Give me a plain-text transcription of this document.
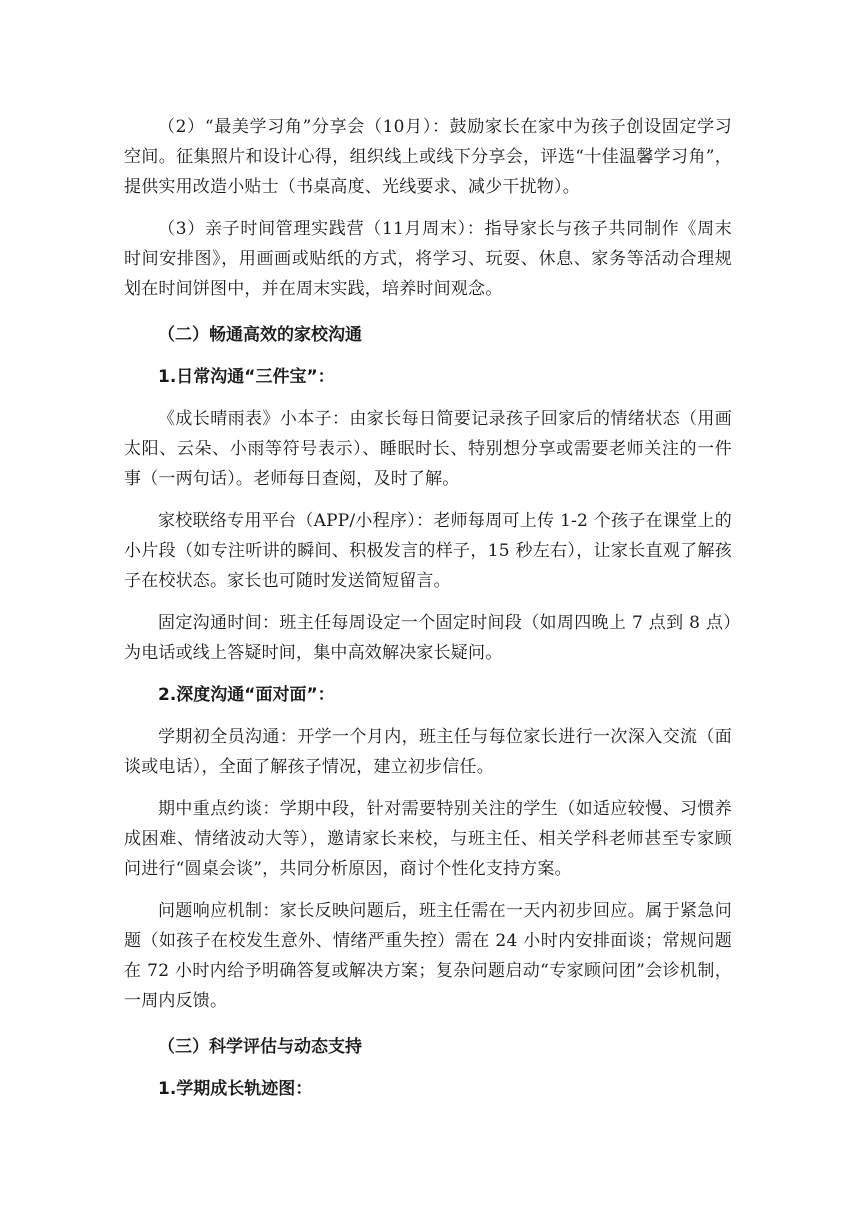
（2）“最美学习角”分享会（10月）：鼓励家长在家中为孩子创设固定学习空间。征集照片和设计心得，组织线上或线下分享会，评选“十佳温馨学习角”，提供实用改造小贴士（书桌高度、光线要求、减少干扰物）。

（3）亲子时间管理实践营（11月周末）：指导家长与孩子共同制作《周末时间安排图》，用画画或贴纸的方式，将学习、玩耍、休息、家务等活动合理规划在时间饼图中，并在周末实践，培养时间观念。

（二）畅通高效的家校沟通
1.日常沟通“三件宝”：

《成长晴雨表》小本子：由家长每日简要记录孩子回家后的情绪状态（用画太阳、云朵、小雨等符号表示）、睡眠时长、特别想分享或需要老师关注的一件事（一两句话）。老师每日查阅，及时了解。

家校联络专用平台（APP/小程序）：老师每周可上传 1-2 个孩子在课堂上的小片段（如专注听讲的瞬间、积极发言的样子，15 秒左右），让家长直观了解孩子在校状态。家长也可随时发送简短留言。

固定沟通时间：班主任每周设定一个固定时间段（如周四晚上 7 点到 8 点）为电话或线上答疑时间，集中高效解决家长疑问。

2.深度沟通“面对面”：

学期初全员沟通：开学一个月内，班主任与每位家长进行一次深入交流（面谈或电话），全面了解孩子情况，建立初步信任。

期中重点约谈：学期中段，针对需要特别关注的学生（如适应较慢、习惯养成困难、情绪波动大等），邀请家长来校，与班主任、相关学科老师甚至专家顾问进行“圆桌会谈”，共同分析原因，商讨个性化支持方案。

问题响应机制：家长反映问题后，班主任需在一天内初步回应。属于紧急问题（如孩子在校发生意外、情绪严重失控）需在 24 小时内安排面谈；常规问题在 72 小时内给予明确答复或解决方案；复杂问题启动“专家顾问团”会诊机制，一周内反馈。

（三）科学评估与动态支持
1.学期成长轨迹图：
